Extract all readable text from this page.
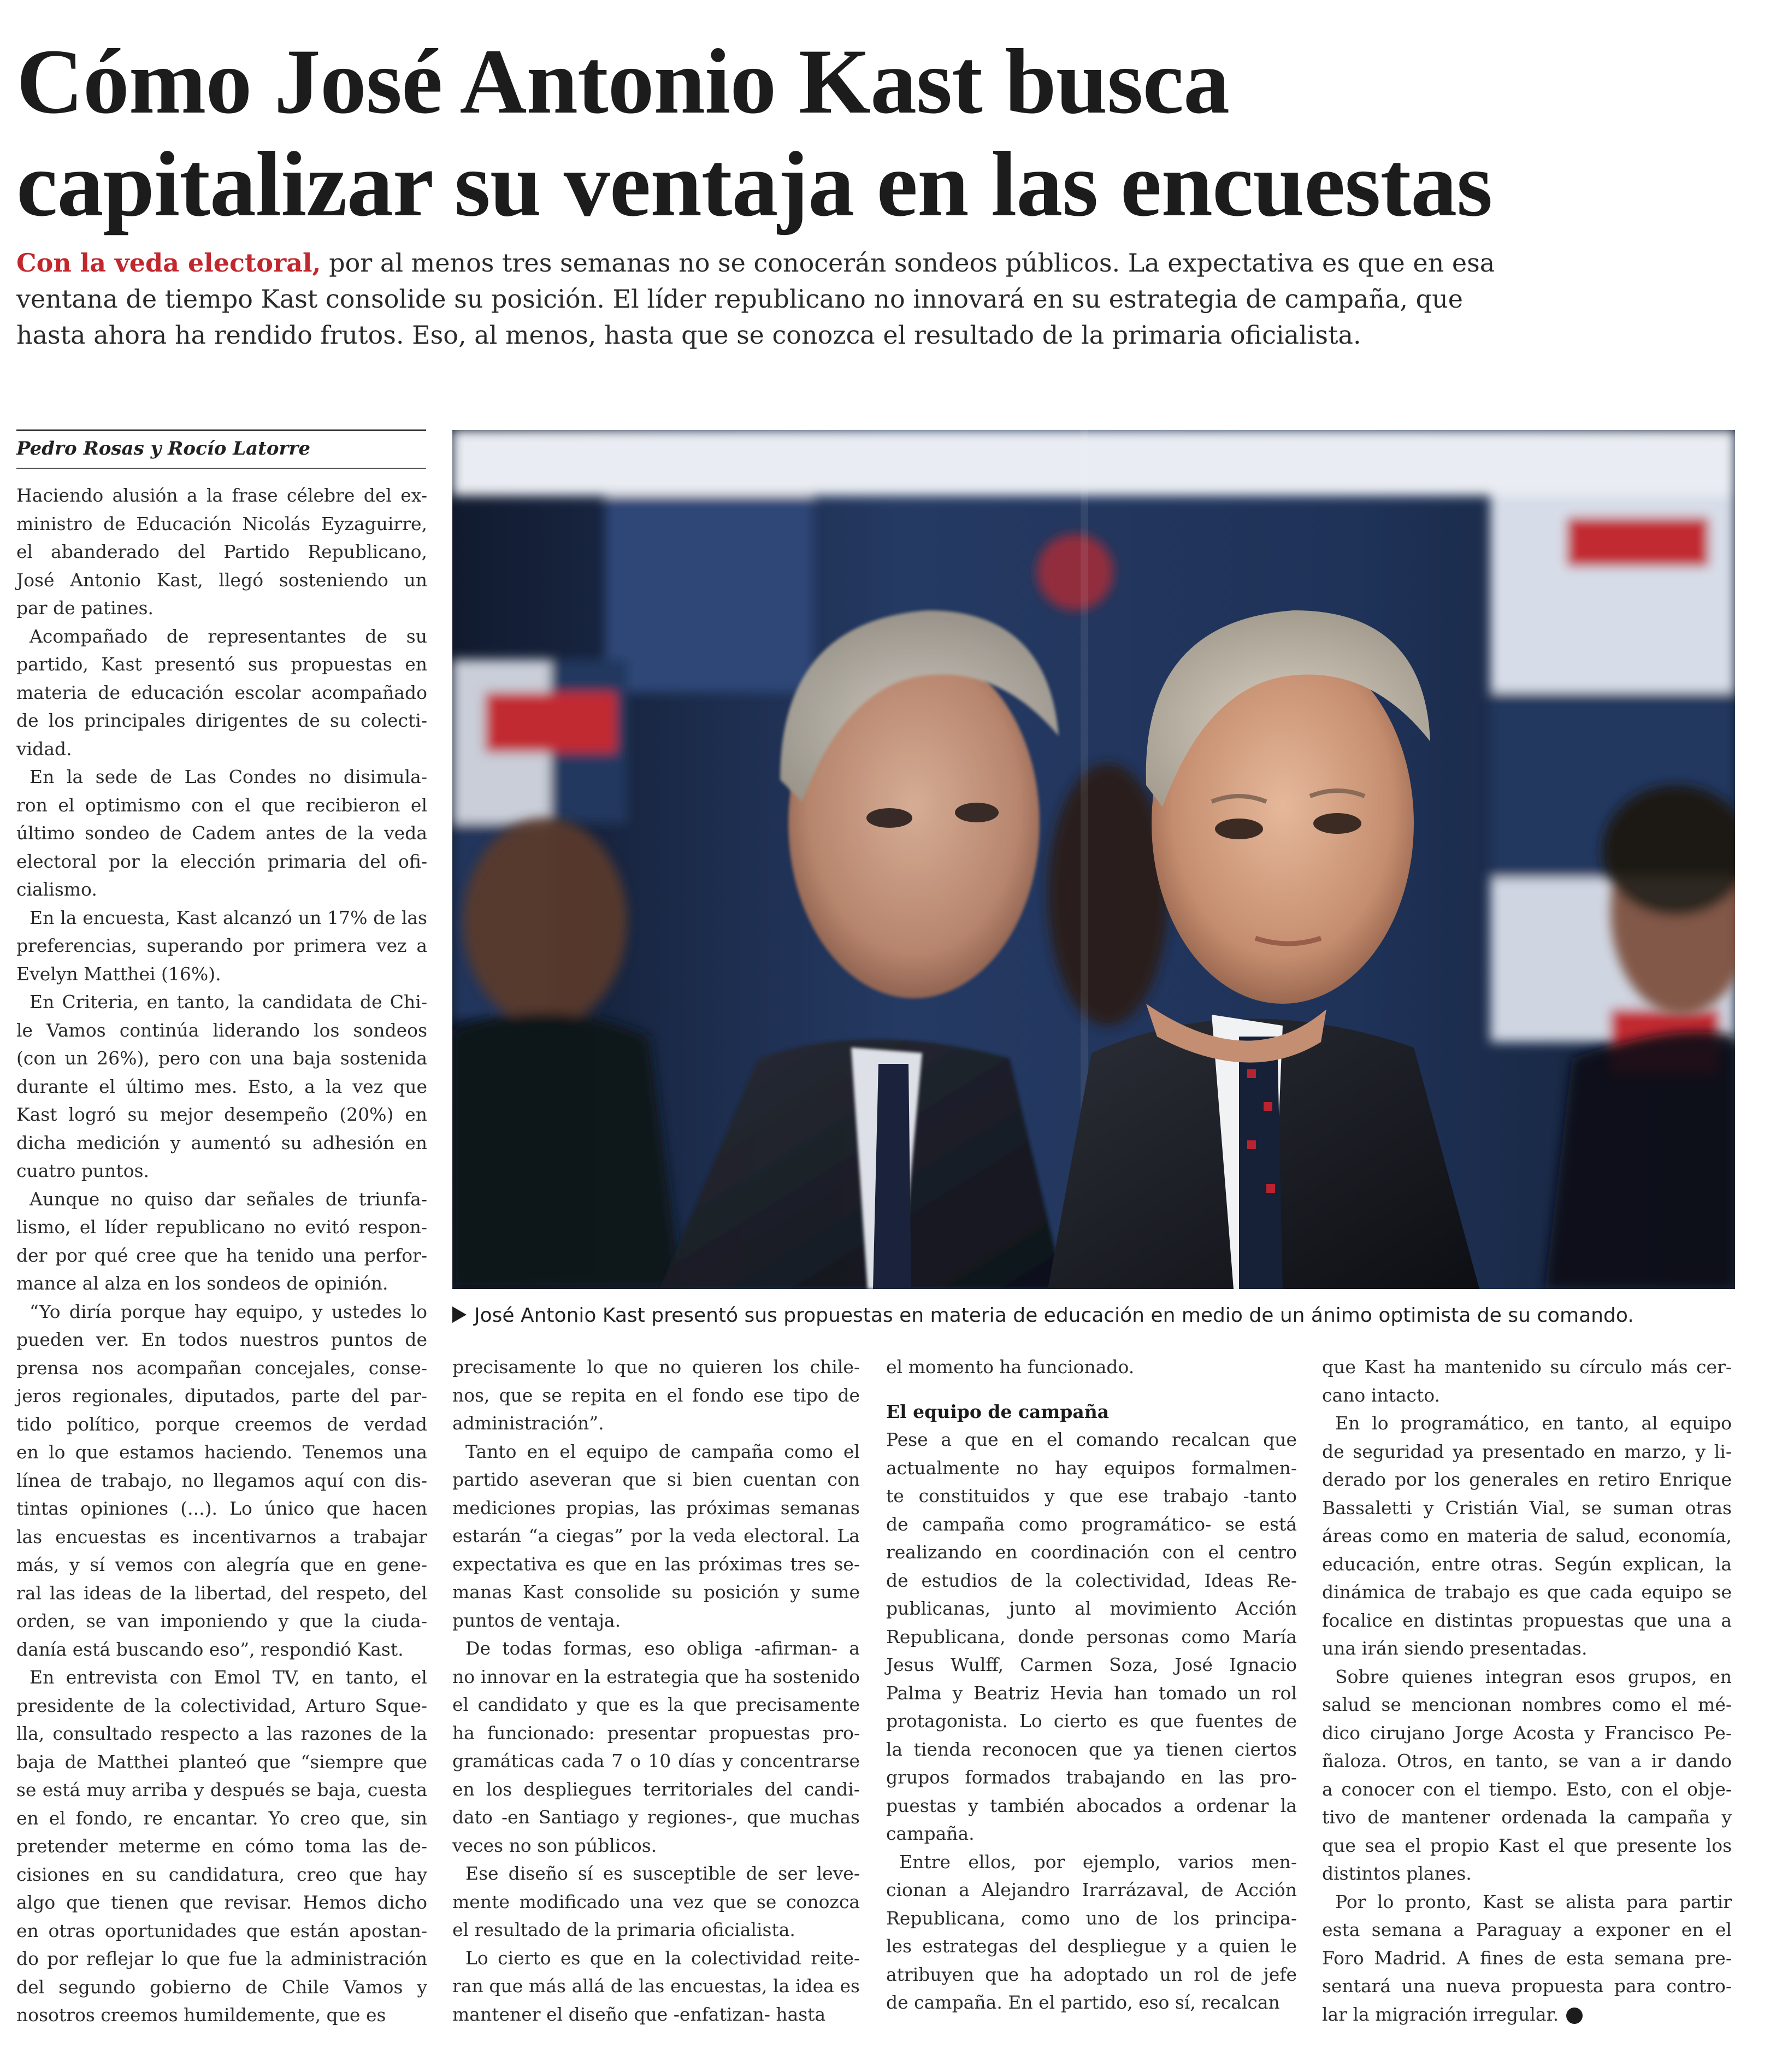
Cómo José Antonio Kast busca
capitalizar su ventaja en las encuestas

Con la veda electoral, por al menos tres semanas no se conocerán sondeos públicos. La expectativa es que en esa
ventana de tiempo Kast consolide su posición. El líder republicano no innovará en su estrategia de campaña, que
hasta ahora ha rendido frutos. Eso, al menos, hasta que se conozca el resultado de la primaria oficialista.

Pedro Rosas y Rocío Latorre
Haciendo alusión a la frase célebre del ex-
ministro de Educación Nicolás Eyzaguirre,
el abanderado del Partido Republicano,
José Antonio Kast, llegó sosteniendo un
par de patines.
Acompañado de representantes de su
partido, Kast presentó sus propuestas en
materia de educación escolar acompañado
de los principales dirigentes de su colecti-
vidad.
En la sede de Las Condes no disimula-
ron el optimismo con el que recibieron el
último sondeo de Cadem antes de la veda
electoral por la elección primaria del ofi-
cialismo.
En la encuesta, Kast alcanzó un 17% de las
preferencias, superando por primera vez a
Evelyn Matthei (16%).
En Criteria, en tanto, la candidata de Chi-
le Vamos continúa liderando los sondeos
(con un 26%), pero con una baja sostenida
durante el último mes. Esto, a la vez que
Kast logró su mejor desempeño (20%) en
dicha medición y aumentó su adhesión en
cuatro puntos.
Aunque no quiso dar señales de triunfa-
lismo, el líder republicano no evitó respon-
der por qué cree que ha tenido una perfor-
mance al alza en los sondeos de opinión.
“Yo diría porque hay equipo, y ustedes lo
pueden ver. En todos nuestros puntos de
prensa nos acompañan concejales, conse-
jeros regionales, diputados, parte del par-
tido político, porque creemos de verdad
en lo que estamos haciendo. Tenemos una
línea de trabajo, no llegamos aquí con dis-
tintas opiniones (...). Lo único que hacen
las encuestas es incentivarnos a trabajar
más, y sí vemos con alegría que en gene-
ral las ideas de la libertad, del respeto, del
orden, se van imponiendo y que la ciuda-
danía está buscando eso”, respondió Kast.
En entrevista con Emol TV, en tanto, el
presidente de la colectividad, Arturo Sque-
lla, consultado respecto a las razones de la
baja de Matthei planteó que “siempre que
se está muy arriba y después se baja, cuesta
en el fondo, re encantar. Yo creo que, sin
pretender meterme en cómo toma las de-
cisiones en su candidatura, creo que hay
algo que tienen que revisar. Hemos dicho
en otras oportunidades que están apostan-
do por reflejar lo que fue la administración
del segundo gobierno de Chile Vamos y
nosotros creemos humildemente, que es

José Antonio Kast presentó sus propuestas en materia de educación en medio de un ánimo optimista de su comando.

precisamente lo que no quieren los chile-
nos, que se repita en el fondo ese tipo de
administración”.
Tanto en el equipo de campaña como el
partido aseveran que si bien cuentan con
mediciones propias, las próximas semanas
estarán “a ciegas” por la veda electoral. La
expectativa es que en las próximas tres se-
manas Kast consolide su posición y sume
puntos de ventaja.
De todas formas, eso obliga -afirman- a
no innovar en la estrategia que ha sostenido
el candidato y que es la que precisamente
ha funcionado: presentar propuestas pro-
gramáticas cada 7 o 10 días y concentrarse
en los despliegues territoriales del candi-
dato -en Santiago y regiones-, que muchas
veces no son públicos.
Ese diseño sí es susceptible de ser leve-
mente modificado una vez que se conozca
el resultado de la primaria oficialista.
Lo cierto es que en la colectividad reite-
ran que más allá de las encuestas, la idea es
mantener el diseño que -enfatizan- hasta
el momento ha funcionado.
El equipo de campaña
Pese a que en el comando recalcan que
actualmente no hay equipos formalmen-
te constituidos y que ese trabajo -tanto
de campaña como programático- se está
realizando en coordinación con el centro
de estudios de la colectividad, Ideas Re-
publicanas, junto al movimiento Acción
Republicana, donde personas como María
Jesus Wulff, Carmen Soza, José Ignacio
Palma y Beatriz Hevia han tomado un rol
protagonista. Lo cierto es que fuentes de
la tienda reconocen que ya tienen ciertos
grupos formados trabajando en las pro-
puestas y también abocados a ordenar la
campaña.
Entre ellos, por ejemplo, varios men-
cionan a Alejandro Irarrázaval, de Acción
Republicana, como uno de los principa-
les estrategas del despliegue y a quien le
atribuyen que ha adoptado un rol de jefe
de campaña. En el partido, eso sí, recalcan
que Kast ha mantenido su círculo más cer-
cano intacto.
En lo programático, en tanto, al equipo
de seguridad ya presentado en marzo, y li-
derado por los generales en retiro Enrique
Bassaletti y Cristián Vial, se suman otras
áreas como en materia de salud, economía,
educación, entre otras. Según explican, la
dinámica de trabajo es que cada equipo se
focalice en distintas propuestas que una a
una irán siendo presentadas.
Sobre quienes integran esos grupos, en
salud se mencionan nombres como el mé-
dico cirujano Jorge Acosta y Francisco Pe-
ñaloza. Otros, en tanto, se van a ir dando
a conocer con el tiempo. Esto, con el obje-
tivo de mantener ordenada la campaña y
que sea el propio Kast el que presente los
distintos planes.
Por lo pronto, Kast se alista para partir
esta semana a Paraguay a exponer en el
Foro Madrid. A fines de esta semana pre-
sentará una nueva propuesta para contro-
lar la migración irregular.
